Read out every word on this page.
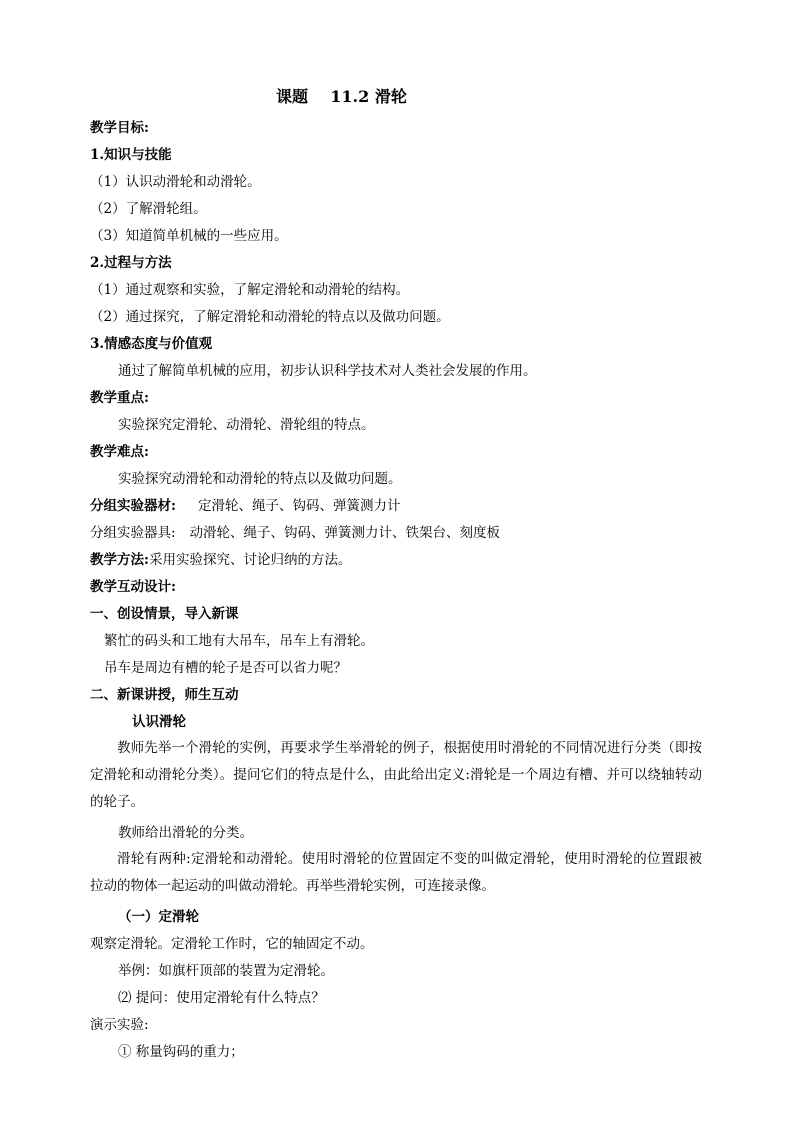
课题    11.2 滑轮
教学目标:
1.知识与技能
（1）认识动滑轮和动滑轮。
（2）了解滑轮组。
（3）知道简单机械的一些应用。
2.过程与方法
（1）通过观察和实验，了解定滑轮和动滑轮的结构。
（2）通过探究，了解定滑轮和动滑轮的特点以及做功问题。
3.情感态度与价值观
通过了解简单机械的应用，初步认识科学技术对人类社会发展的作用。
教学重点:
实验探究定滑轮、动滑轮、滑轮组的特点。
教学难点:
实验探究动滑轮和动滑轮的特点以及做功问题。
分组实验器材: 定滑轮、绳子、钩码、弹簧测力计
分组实验器具: 动滑轮、绳子、钩码、弹簧测力计、铁架台、刻度板
教学方法:采用实验探究、讨论归纳的方法。
教学互动设计:
一、创设情景，导入新课
繁忙的码头和工地有大吊车，吊车上有滑轮。
吊车是周边有槽的轮子是否可以省力呢？
二、新课讲授，师生互动
认识滑轮
教师先举一个滑轮的实例，再要求学生举滑轮的例子，根据使用时滑轮的不同情况进行分类（即按定滑轮和动滑轮分类）。提问它们的特点是什么，由此给出定义:滑轮是一个周边有槽、并可以绕轴转动的轮子。
教师给出滑轮的分类。
滑轮有两种:定滑轮和动滑轮。使用时滑轮的位置固定不变的叫做定滑轮，使用时滑轮的位置跟被拉动的物体一起运动的叫做动滑轮。再举些滑轮实例，可连接录像。
（一）定滑轮
观察定滑轮。定滑轮工作时，它的轴固定不动。
举例：如旗杆顶部的装置为定滑轮。
⑵ 提问：使用定滑轮有什么特点？
演示实验:
① 称量钩码的重力；
